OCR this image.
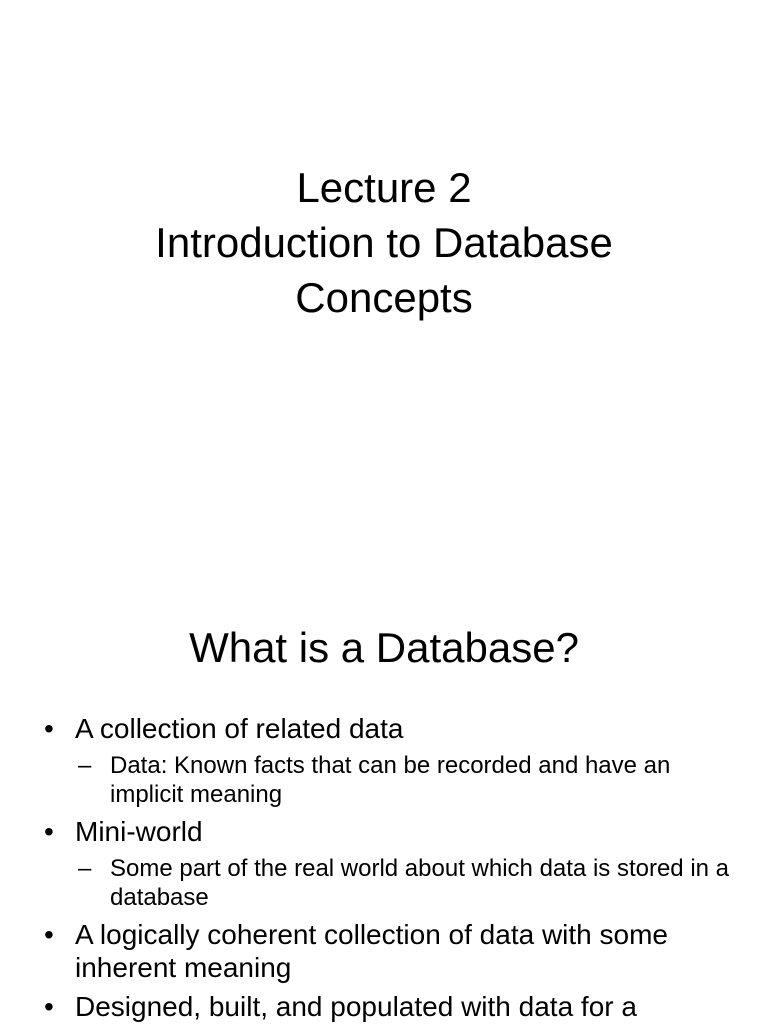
Lecture 2
Introduction to Database
Concepts
What is a Database?
• A collection of related data
– Data: Known facts that can be recorded and have an implicit meaning
• Mini-world
– Some part of the real world about which data is stored in a database
• A logically coherent collection of data with some inherent meaning
• Designed, built, and populated with data for a
